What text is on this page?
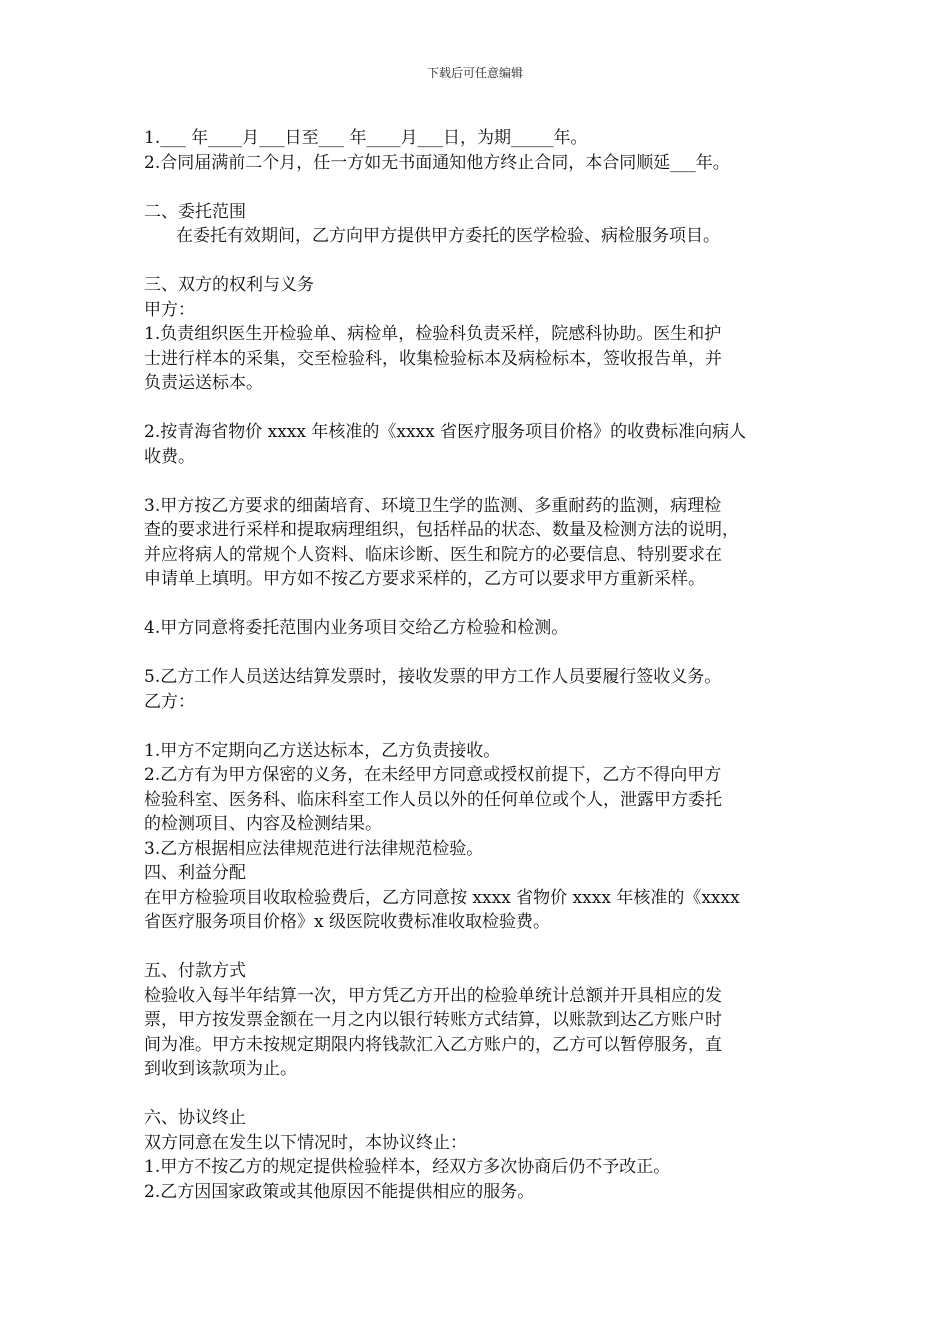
下载后可任意编辑

1.___ 年____月___日至___ 年____月___日，为期_____年。

2.合同届满前二个月，任一方如无书面通知他方终止合同，本合同顺延___年。

二、委托范围

在委托有效期间，乙方向甲方提供甲方委托的医学检验、病检服务项目。

三、双方的权利与义务

甲方：

1.负责组织医生开检验单、病检单，检验科负责采样，院感科协助。医生和护

士进行样本的采集，交至检验科，收集检验标本及病检标本，签收报告单，并

负责运送标本。

2.按青海省物价 xxxx 年核准的《xxxx 省医疗服务项目价格》的收费标准向病人

收费。

3.甲方按乙方要求的细菌培育、环境卫生学的监测、多重耐药的监测，病理检

查的要求进行采样和提取病理组织，包括样品的状态、数量及检测方法的说明，

并应将病人的常规个人资料、临床诊断、医生和院方的必要信息、特别要求在

申请单上填明。甲方如不按乙方要求采样的，乙方可以要求甲方重新采样。

4.甲方同意将委托范围内业务项目交给乙方检验和检测。

5.乙方工作人员送达结算发票时，接收发票的甲方工作人员要履行签收义务。

乙方：

1.甲方不定期向乙方送达标本，乙方负责接收。

2.乙方有为甲方保密的义务，在未经甲方同意或授权前提下，乙方不得向甲方

检验科室、医务科、临床科室工作人员以外的任何单位或个人，泄露甲方委托

的检测项目、内容及检测结果。

3.乙方根据相应法律规范进行法律规范检验。

四、利益分配

在甲方检验项目收取检验费后，乙方同意按 xxxx 省物价 xxxx 年核准的《xxxx

省医疗服务项目价格》x 级医院收费标准收取检验费。

五、付款方式

检验收入每半年结算一次，甲方凭乙方开出的检验单统计总额并开具相应的发

票，甲方按发票金额在一月之内以银行转账方式结算，以账款到达乙方账户时

间为准。甲方未按规定期限内将钱款汇入乙方账户的，乙方可以暂停服务，直

到收到该款项为止。

六、协议终止

双方同意在发生以下情况时，本协议终止：

1.甲方不按乙方的规定提供检验样本，经双方多次协商后仍不予改正。

2.乙方因国家政策或其他原因不能提供相应的服务。
